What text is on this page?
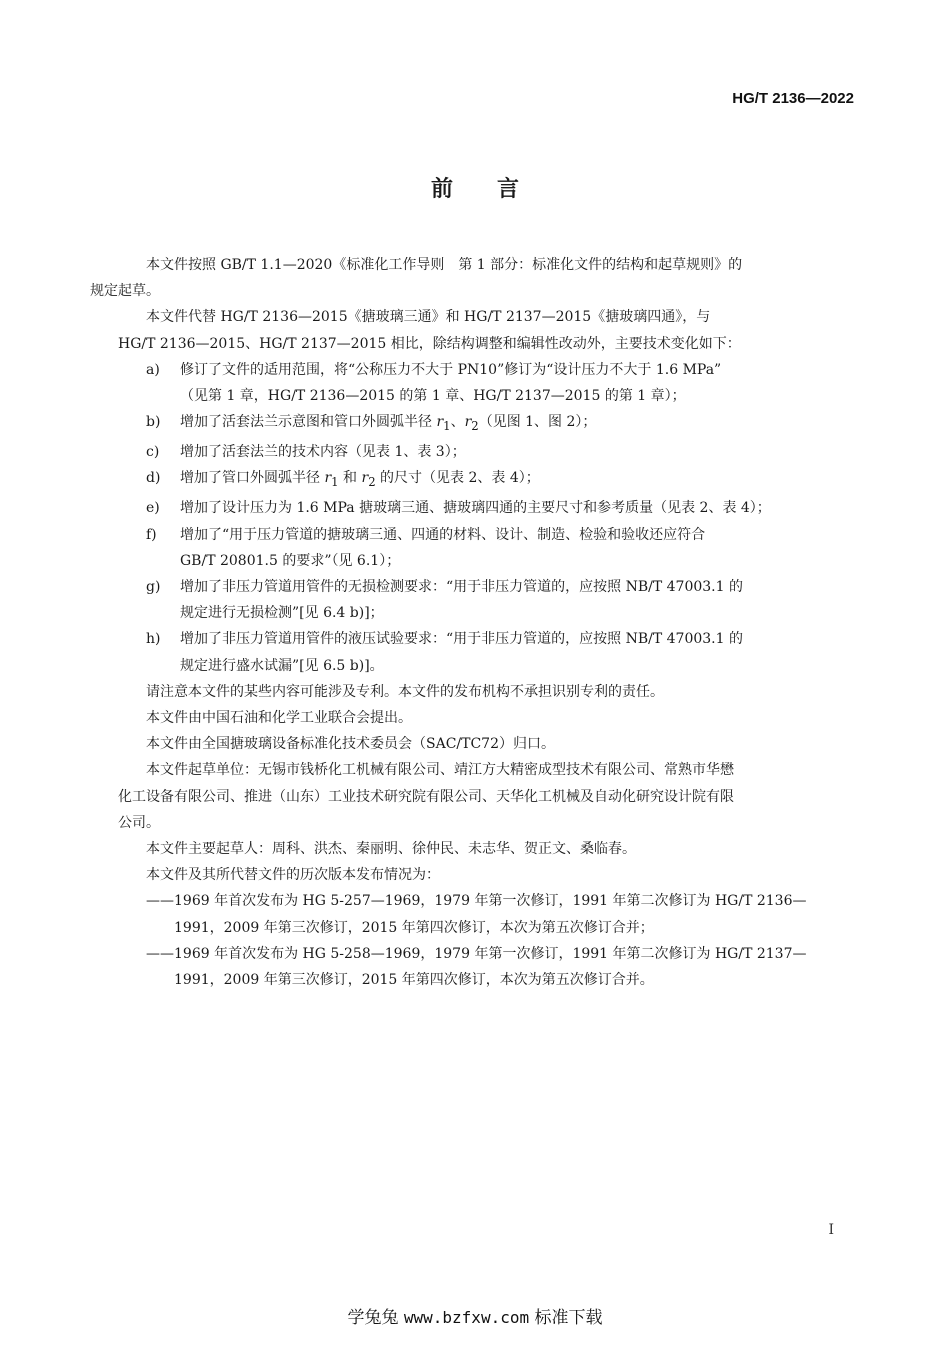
HG/T 2136—2022
前言

本文件按照 GB/T 1.1—2020《标准化工作导则　第 1 部分：标准化文件的结构和起草规则》的
规定起草。

本文件代替 HG/T 2136—2015《搪玻璃三通》和 HG/T 2137—2015《搪玻璃四通》，与
HG/T 2136—2015、HG/T 2137—2015 相比，除结构调整和编辑性改动外，主要技术变化如下：

a)	修订了文件的适用范围，将“公称压力不大于 PN10”修订为“设计压力不大于 1.6 MPa”
（见第 1 章，HG/T 2136—2015 的第 1 章、HG/T 2137—2015 的第 1 章）；
b)	增加了活套法兰示意图和管口外圆弧半径 $r_1$、$r_2$（见图 1、图 2）；
c)	增加了活套法兰的技术内容（见表 1、表 3）；
d)	增加了管口外圆弧半径 $r_1$ 和 $r_2$ 的尺寸（见表 2、表 4）；
e)	增加了设计压力为 1.6 MPa 搪玻璃三通、搪玻璃四通的主要尺寸和参考质量（见表 2、表 4）；
f)	增加了“用于压力管道的搪玻璃三通、四通的材料、设计、制造、检验和验收还应符合
GB/T 20801.5 的要求”（见 6.1）；
g)	增加了非压力管道用管件的无损检测要求：“用于非压力管道的，应按照 NB/T 47003.1 的
规定进行无损检测”[见 6.4 b)]；
h)	增加了非压力管道用管件的液压试验要求：“用于非压力管道的，应按照 NB/T 47003.1 的
规定进行盛水试漏”[见 6.5 b)]。

请注意本文件的某些内容可能涉及专利。本文件的发布机构不承担识别专利的责任。

本文件由中国石油和化学工业联合会提出。

本文件由全国搪玻璃设备标准化技术委员会（SAC/TC72）归口。

本文件起草单位：无锡市钱桥化工机械有限公司、靖江方大精密成型技术有限公司、常熟市华懋
化工设备有限公司、推进（山东）工业技术研究院有限公司、天华化工机械及自动化研究设计院有限
公司。

本文件主要起草人：周科、洪杰、秦丽明、徐仲民、未志华、贺正文、桑临春。

本文件及其所代替文件的历次版本发布情况为：

——1969 年首次发布为 HG 5-257—1969，1979 年第一次修订，1991 年第二次修订为 HG/T 2136—
1991，2009 年第三次修订，2015 年第四次修订，本次为第五次修订合并；

——1969 年首次发布为 HG 5-258—1969，1979 年第一次修订，1991 年第二次修订为 HG/T 2137—
1991，2009 年第三次修订，2015 年第四次修订，本次为第五次修订合并。

I
学兔兔 www.bzfxw.com 标准下载
